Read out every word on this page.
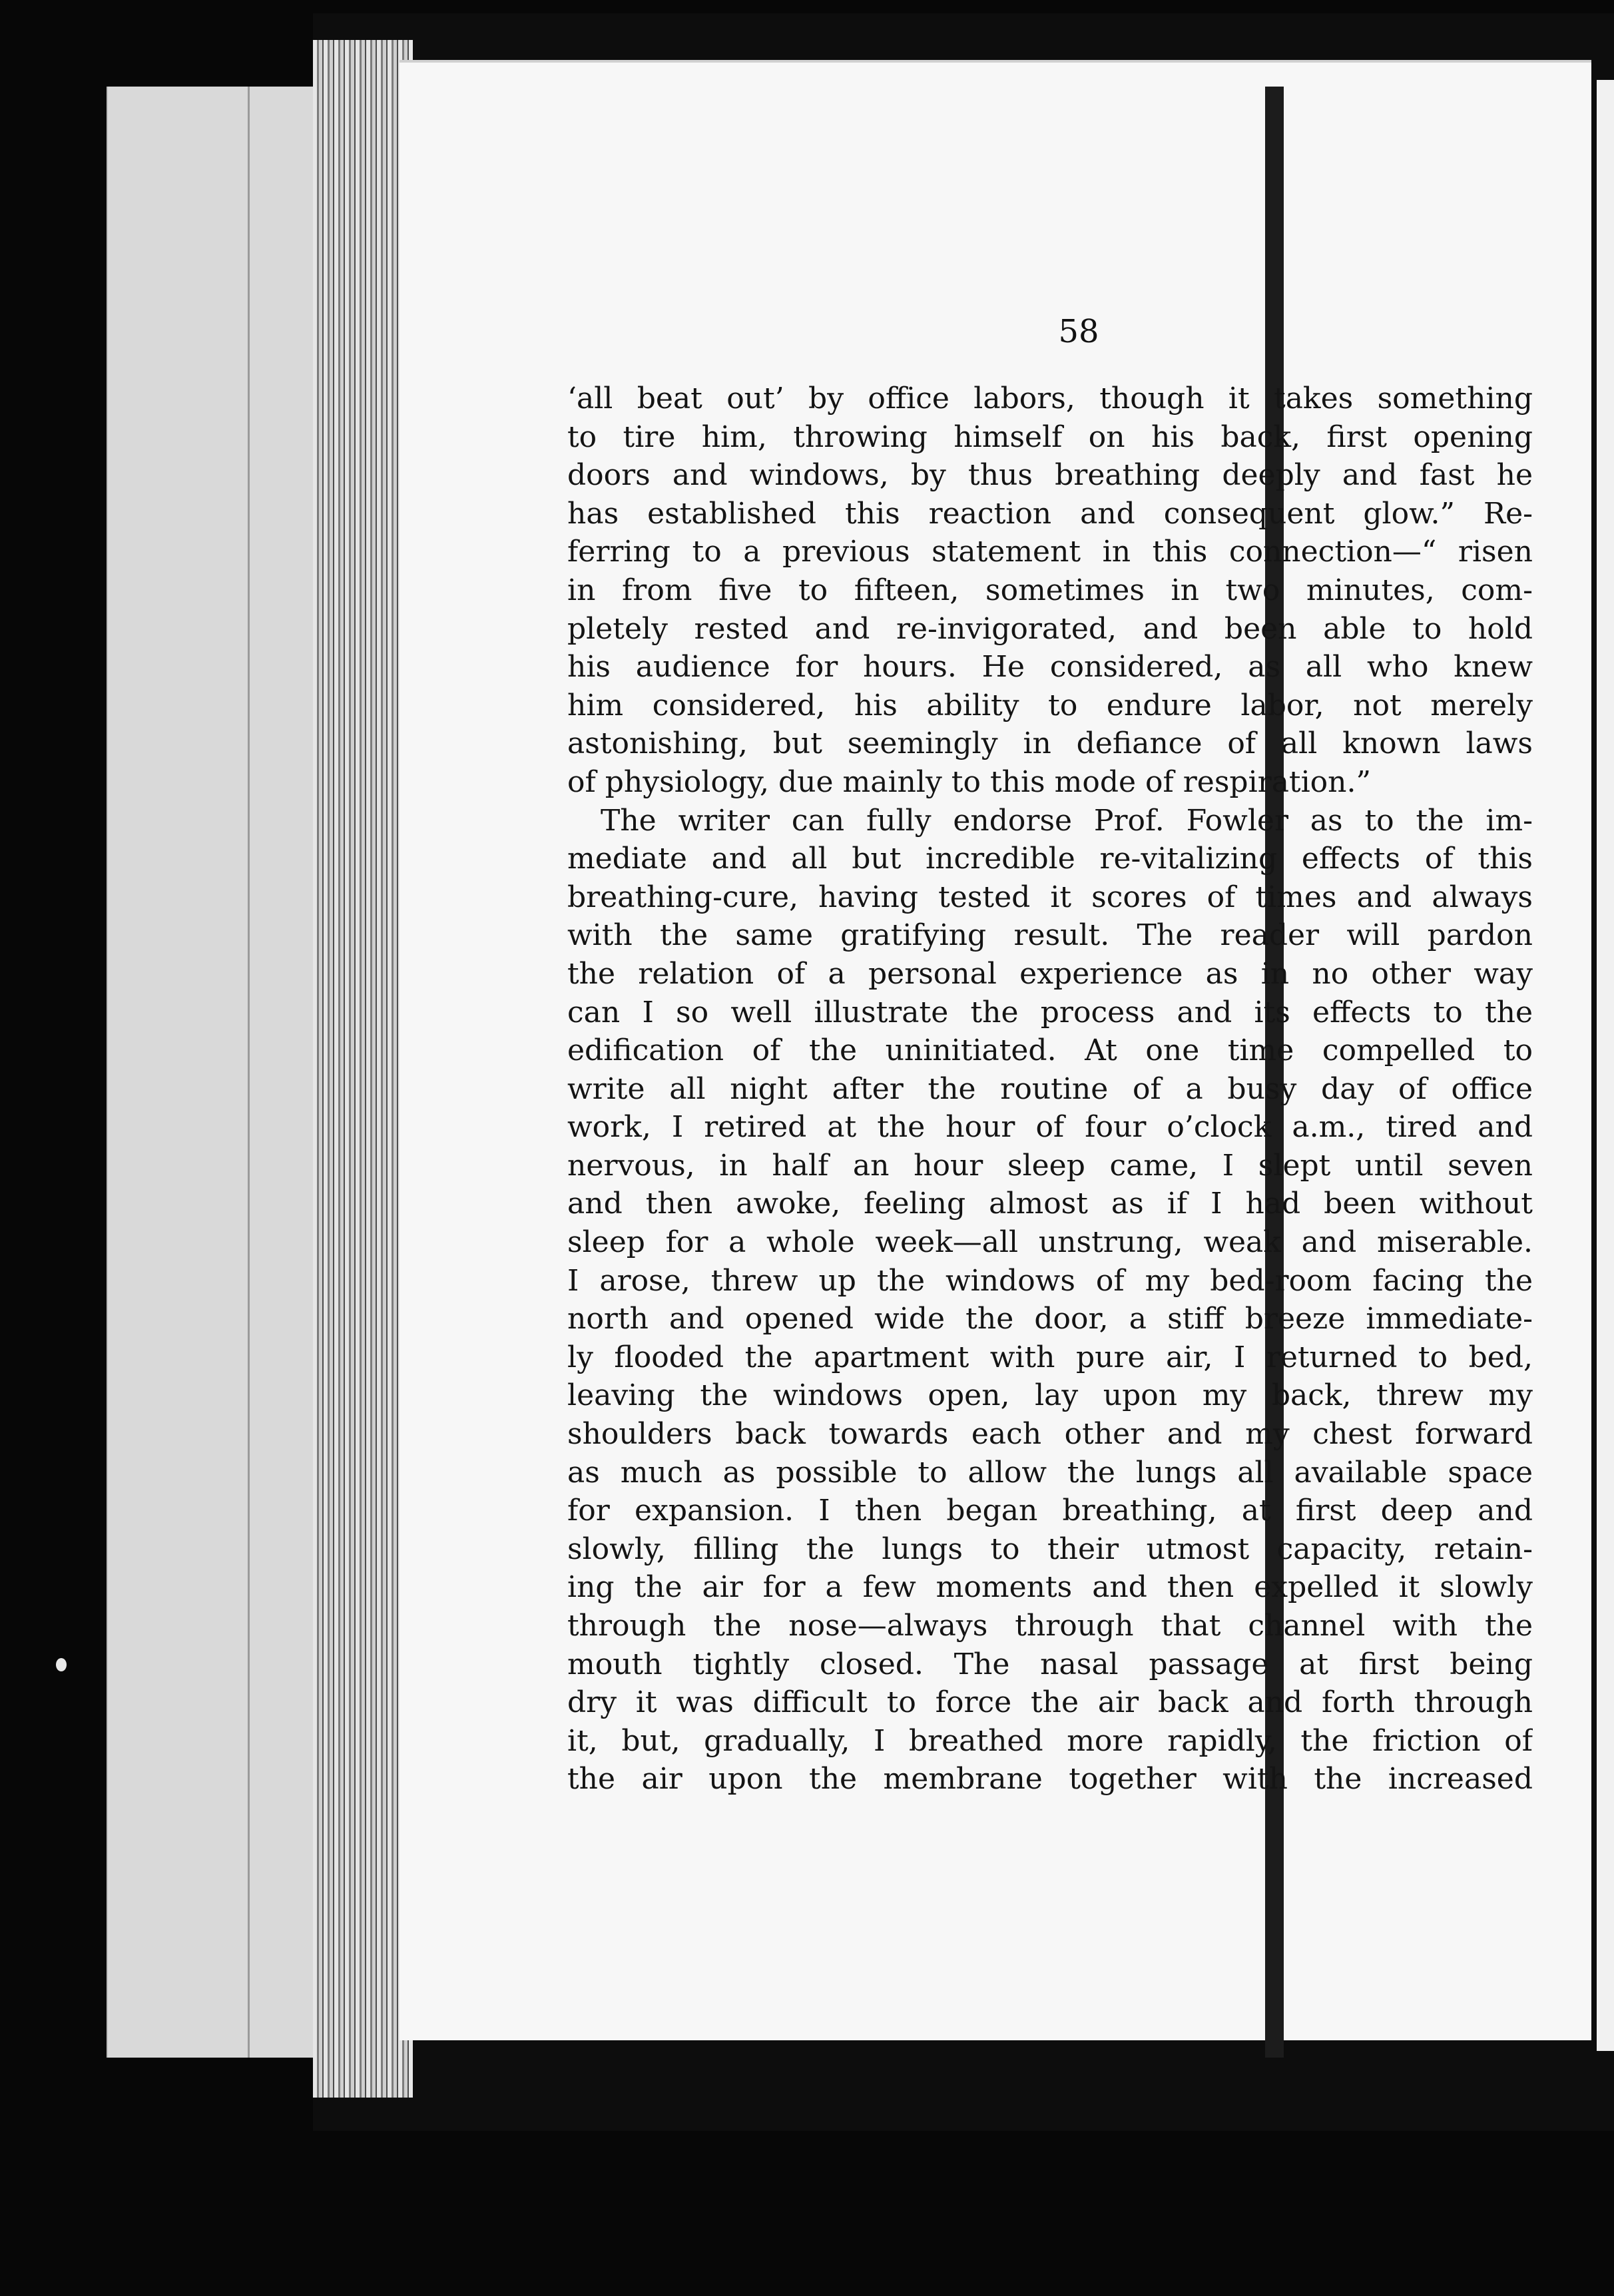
58
‘all beat out’ by office labors, though it takes something
to tire him, throwing himself on his back, first opening
doors and windows, by thus breathing deeply and fast he
has established this reaction and consequent glow.” Re-
ferring to a previous statement in this connection—“ risen
in from five to fifteen, sometimes in two minutes, com-
pletely rested and re-invigorated, and been able to hold
his audience for hours. He considered, as all who knew
him considered, his ability to endure labor, not merely
astonishing, but seemingly in defiance of all known laws
of physiology, due mainly to this mode of respiration.”
The writer can fully endorse Prof. Fowler as to the im-
mediate and all but incredible re-vitalizing effects of this
breathing-cure, having tested it scores of times and always
with the same gratifying result. The reader will pardon
the relation of a personal experience as in no other way
can I so well illustrate the process and its effects to the
edification of the uninitiated. At one time compelled to
write all night after the routine of a busy day of office
work, I retired at the hour of four o’clock a.m., tired and
nervous, in half an hour sleep came, I slept until seven
and then awoke, feeling almost as if I had been without
sleep for a whole week—all unstrung, weak and miserable.
I arose, threw up the windows of my bed-room facing the
north and opened wide the door, a stiff breeze immediate-
ly flooded the apartment with pure air, I returned to bed,
leaving the windows open, lay upon my back, threw my
shoulders back towards each other and my chest forward
as much as possible to allow the lungs all available space
for expansion. I then began breathing, at first deep and
slowly, filling the lungs to their utmost capacity, retain-
ing the air for a few moments and then expelled it slowly
through the nose—always through that channel with the
mouth tightly closed. The nasal passage at first being
dry it was difficult to force the air back and forth through
it, but, gradually, I breathed more rapidly, the friction of
the air upon the membrane together with the increased
